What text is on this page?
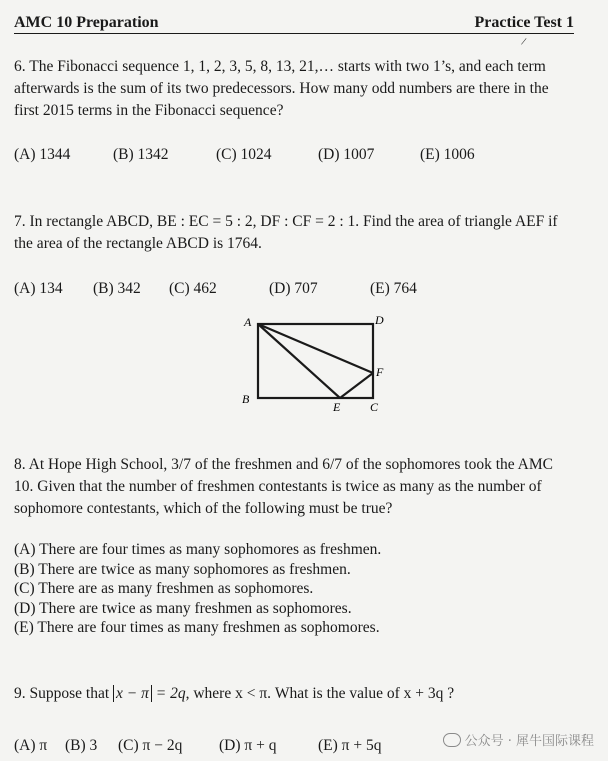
AMC 10 Preparation	Practice Test 1
/
6. The Fibonacci sequence 1, 1, 2, 3, 5, 8, 13, 21,… starts with two 1’s, and each term afterwards is the sum of its two predecessors. How many odd numbers are there in the first 2015 terms in the Fibonacci sequence?
(A) 1344	(B) 1342	(C) 1024	(D) 1007	(E) 1006
7. In rectangle ABCD, BE : EC = 5 : 2, DF : CF = 2 : 1. Find the area of triangle AEF if the area of the rectangle ABCD is 1764.
(A) 134 (B) 342 (C) 462	(D) 707	(E) 764
A	D
B
C
E
F
8. At Hope High School, 3/7 of the freshmen and 6/7 of the sophomores took the AMC 10. Given that the number of freshmen contestants is twice as many as the number of sophomore contestants, which of the following must be true?
(A) There are four times as many sophomores as freshmen.
(B) There are twice as many sophomores as freshmen.
(C) There are as many freshmen as sophomores.
(D) There are twice as many freshmen as sophomores.
(E) There are four times as many freshmen as sophomores.
9. Suppose that x − π = 2q, where x < π. What is the value of x + 3q ?
(A) π (B) 3 (C) π − 2q (D) π + q	(E) π + 5q	公众号 · 犀牛国际课程
